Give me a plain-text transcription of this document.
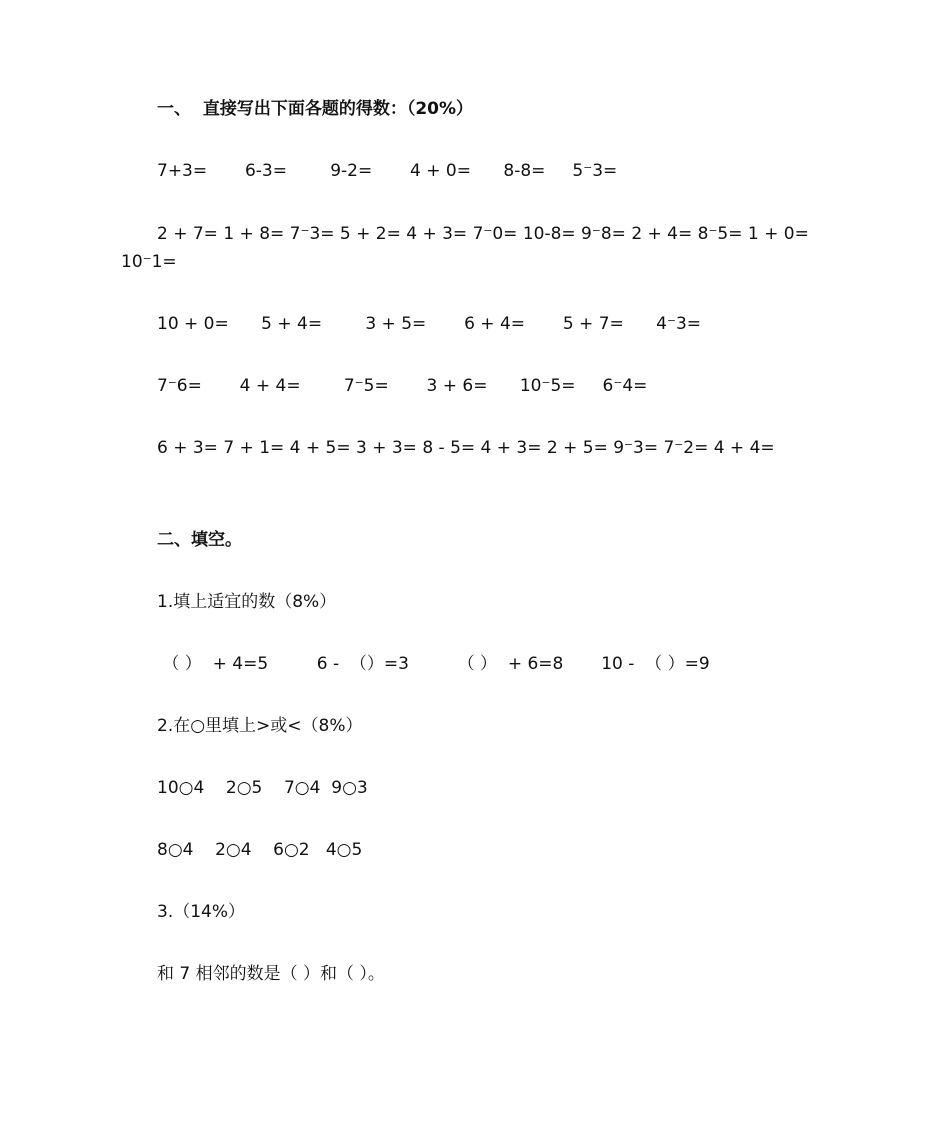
一、  直接写出下面各题的得数：（20%）
7+3=       6-3=        9-2=       4 + 0=      8-8=     5⁻3=
2 + 7= 1 + 8= 7⁻3= 5 + 2= 4 + 3= 7⁻0= 10-8= 9⁻8= 2 + 4= 8⁻5= 1 + 0= 10⁻1=
10 + 0=      5 + 4=        3 + 5=       6 + 4=       5 + 7=      4⁻3=
7⁻6=       4 + 4=        7⁻5=       3 + 6=      10⁻5=     6⁻4=
6 + 3= 7 + 1= 4 + 5= 3 + 3= 8 - 5= 4 + 3= 2 + 5= 9⁻3= 7⁻2= 4 + 4=
二、填空。
1.填上适宜的数（8%）
（ ）  + 4=5         6 -  （）=3         （ ）  + 6=8       10 -  （ ）=9
2.在○里填上>或<（8%）
10○4    2○5    7○4  9○3
8○4    2○4    6○2   4○5
3.（14%）
和 7 相邻的数是（ ）和（ ）。
